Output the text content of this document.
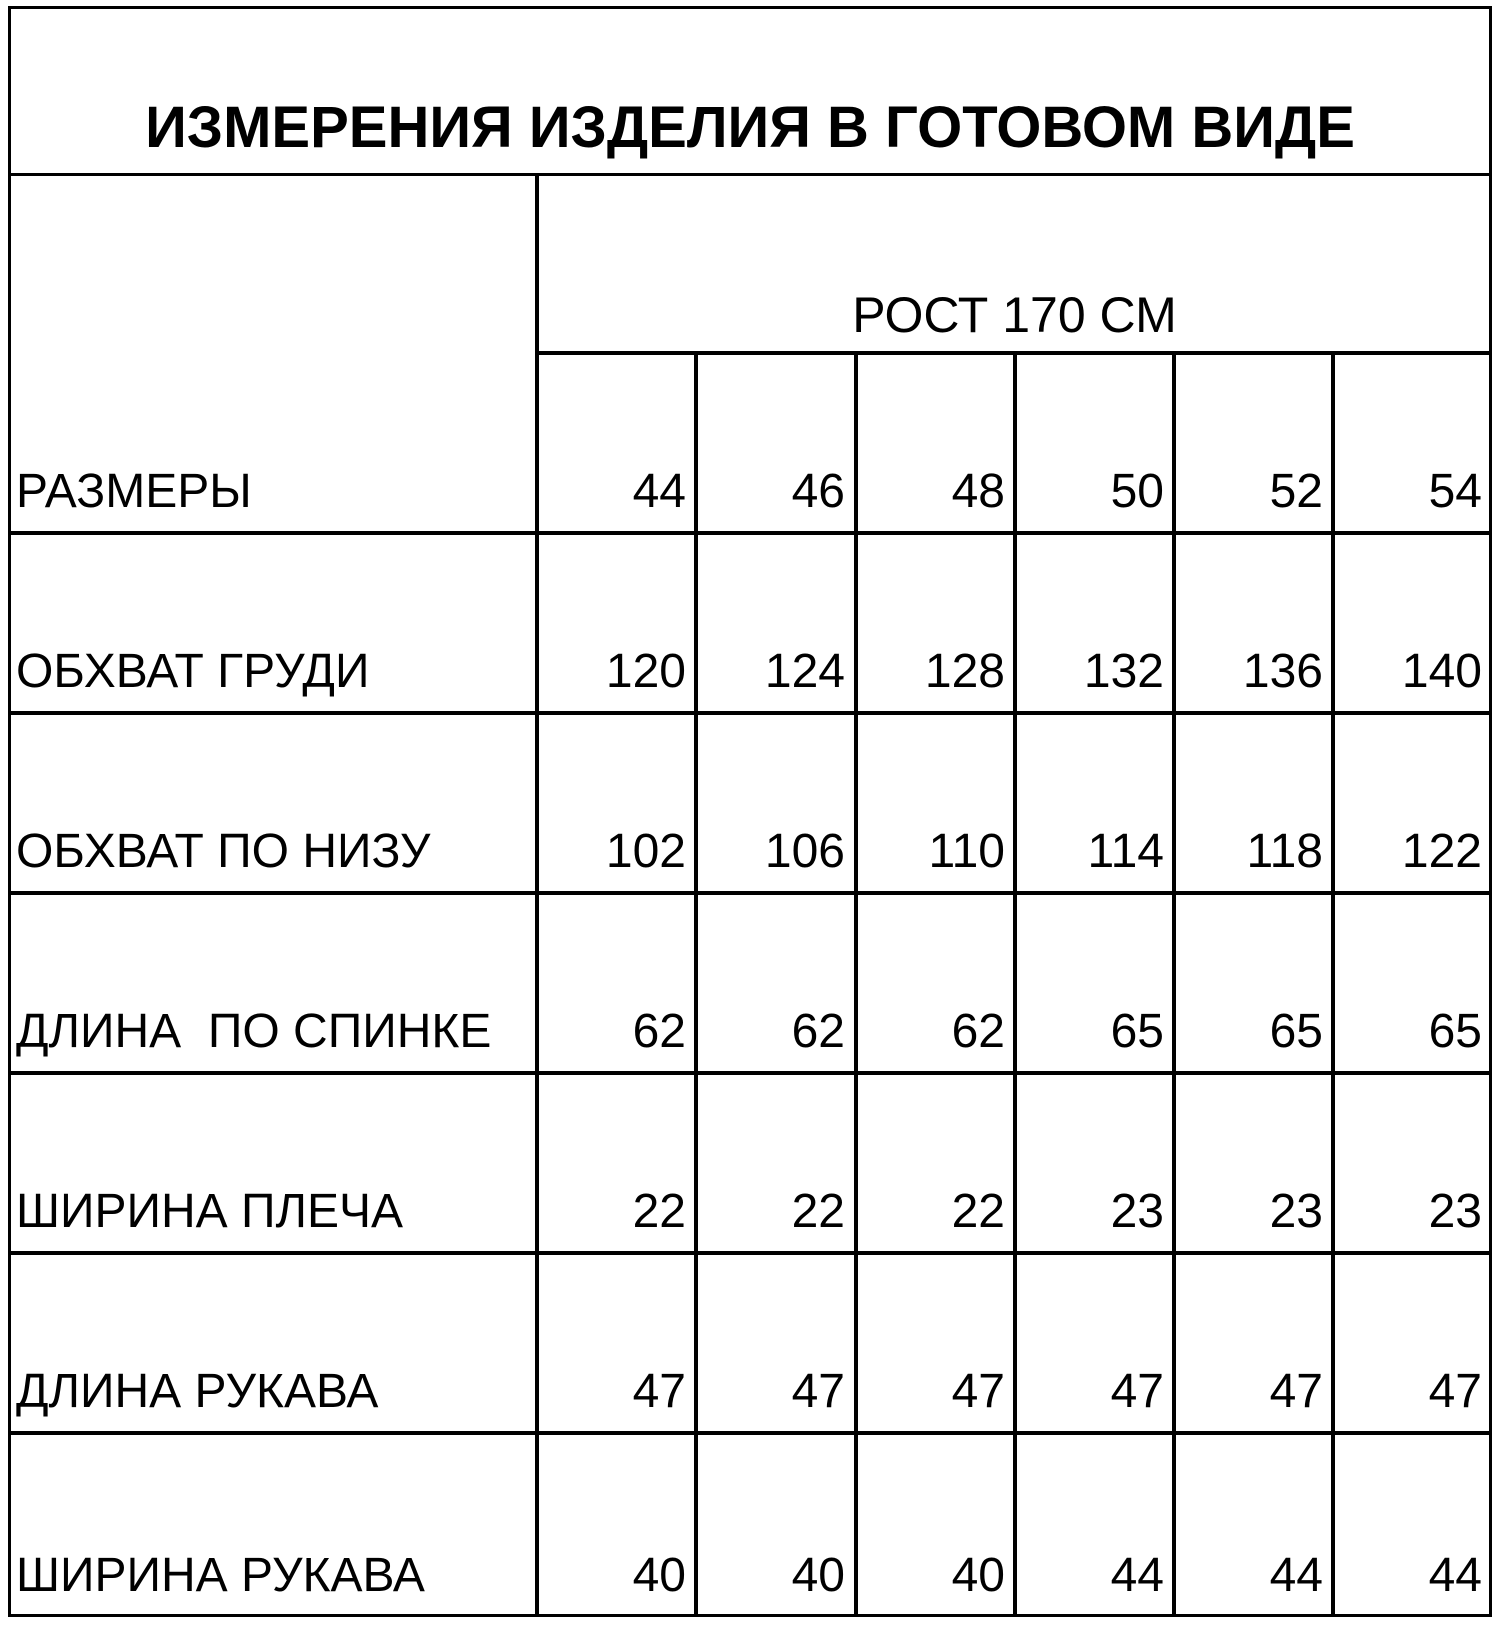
ИЗМЕРЕНИЯ ИЗДЕЛИЯ В ГОТОВОМ ВИДЕ
РОСТ 170 СМ
РАЗМЕРЫ	44	46	48	50	52	54
ОБХВАТ ГРУДИ	120	124	128	132	136	140
ОБХВАТ ПО НИЗУ	102	106	110	114	118	122
ДЛИНА  ПО СПИНКЕ	62	62	62	65	65	65
ШИРИНА ПЛЕЧА	22	22	22	23	23	23
ДЛИНА РУКАВА	47	47	47	47	47	47
ШИРИНА РУКАВА	40	40	40	44	44	44
